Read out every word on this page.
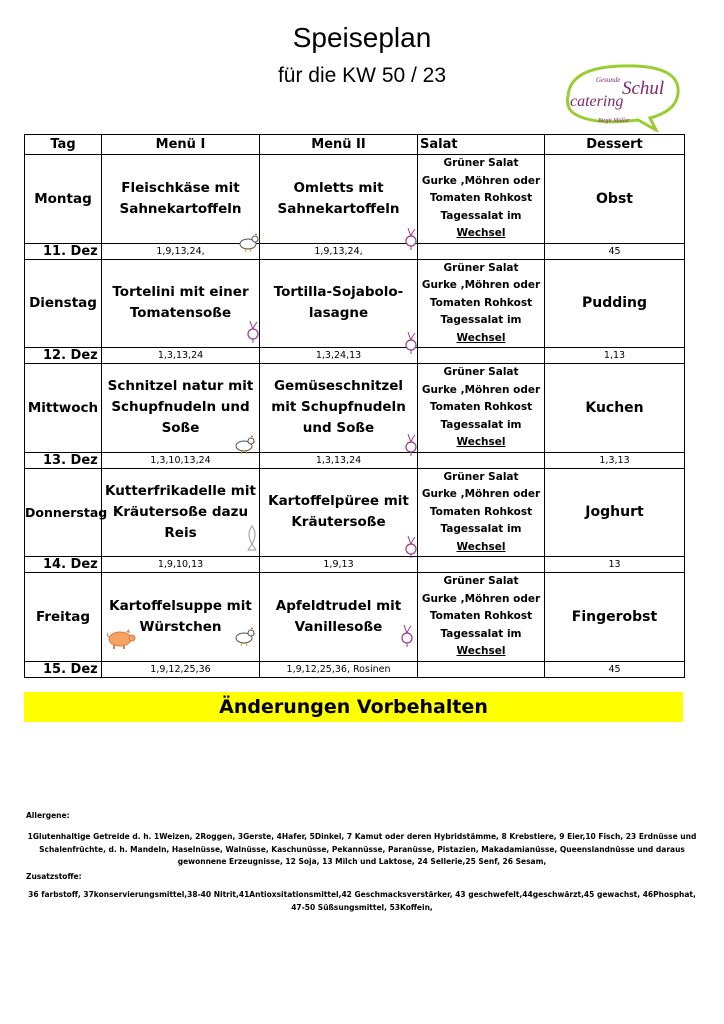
Speiseplan
für die KW 50 / 23	Gesunde Schul
catering
Birgit Müller
Tag	Menü I	Menü II	Salat	Dessert
Montag	Fleischkäse mit Sahnekartoffeln	Omletts mit Sahnekartoffeln	Grüner Salat
Gurke ,Möhren oder
Tomaten Rohkost
Tagessalat im
Wechsel	Obst
11. Dez	1,9,13,24,	1,9,13,24,		45
Dienstag	Tortelini mit einer Tomatensoße	Tortilla-Sojabolo-lasagne	Grüner Salat
Gurke ,Möhren oder
Tomaten Rohkost
Tagessalat im
Wechsel	Pudding
12. Dez	1,3,13,24	1,3,24,13		1,13
Mittwoch	Schnitzel natur mit Schupfnudeln und Soße	Gemüseschnitzel mit Schupfnudeln und Soße	Grüner Salat
Gurke ,Möhren oder
Tomaten Rohkost
Tagessalat im
Wechsel	Kuchen
13. Dez	1,3,10,13,24	1,3,13,24		1,3,13
Donnerstag	Kutterfrikadelle mit Kräutersoße dazu Reis	Kartoffelpüree mit Kräutersoße	Grüner Salat
Gurke ,Möhren oder
Tomaten Rohkost
Tagessalat im
Wechsel	Joghurt
14. Dez	1,9,10,13	1,9,13		13
Freitag	Kartoffelsuppe mit Würstchen	Apfeldtrudel mit Vanillesoße	Grüner Salat
Gurke ,Möhren oder
Tomaten Rohkost
Tagessalat im
Wechsel	Fingerobst
15. Dez	1,9,12,25,36	1,9,12,25,36, Rosinen		45
Änderungen Vorbehalten
Allergene:
1Glutenhaltige Getreide d. h. 1Weizen, 2Roggen, 3Gerste, 4Hafer, 5Dinkel, 7 Kamut oder deren Hybridstämme, 8 Krebstiere, 9 Eier,10 Fisch, 23 Erdnüsse und Schalenfrüchte, d. h. Mandeln, Haselnüsse, Walnüsse, Kaschunüsse, Pekannüsse, Paranüsse, Pistazien, Makadamianüsse, Queenslandnüsse und daraus gewonnene Erzeugnisse, 12 Soja, 13 Milch und Laktose, 24 Sellerie,25 Senf, 26 Sesam,
Zusatzstoffe:
36 farbstoff, 37konservierungsmittel,38-40 Nitrit,41Antioxsitationsmittel,42 Geschmacksverstärker, 43 geschwefelt,44geschwärzt,45 gewachst, 46Phosphat, 47-50 Süßsungsmittel, 53Koffein,
